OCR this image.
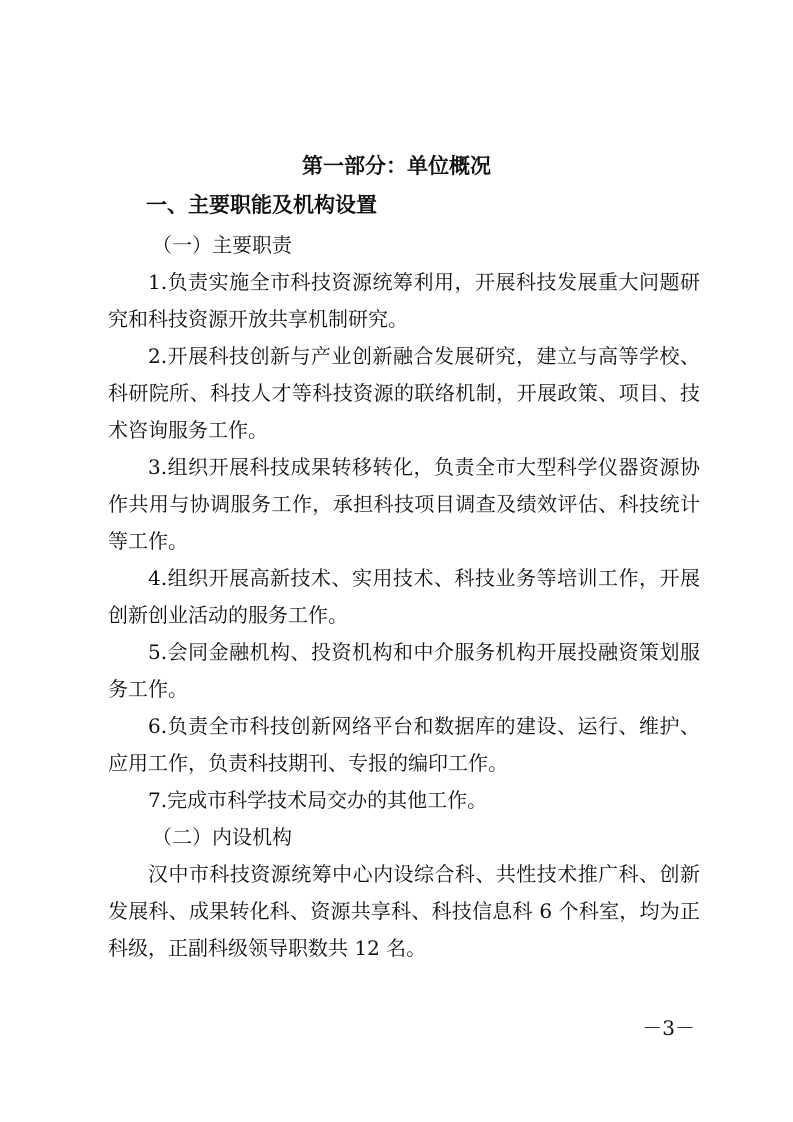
第一部分：单位概况
一、主要职能及机构设置

（一）主要职责

1.负责实施全市科技资源统筹利用，开展科技发展重大问题研究和科技资源开放共享机制研究。

2.开展科技创新与产业创新融合发展研究，建立与高等学校、科研院所、科技人才等科技资源的联络机制，开展政策、项目、技术咨询服务工作。

3.组织开展科技成果转移转化，负责全市大型科学仪器资源协作共用与协调服务工作，承担科技项目调查及绩效评估、科技统计等工作。

4.组织开展高新技术、实用技术、科技业务等培训工作，开展创新创业活动的服务工作。

5.会同金融机构、投资机构和中介服务机构开展投融资策划服务工作。

6.负责全市科技创新网络平台和数据库的建设、运行、维护、应用工作，负责科技期刊、专报的编印工作。

7.完成市科学技术局交办的其他工作。

（二）内设机构

汉中市科技资源统筹中心内设综合科、共性技术推广科、创新发展科、成果转化科、资源共享科、科技信息科 6 个科室，均为正科级，正副科级领导职数共 12 名。

－3－
